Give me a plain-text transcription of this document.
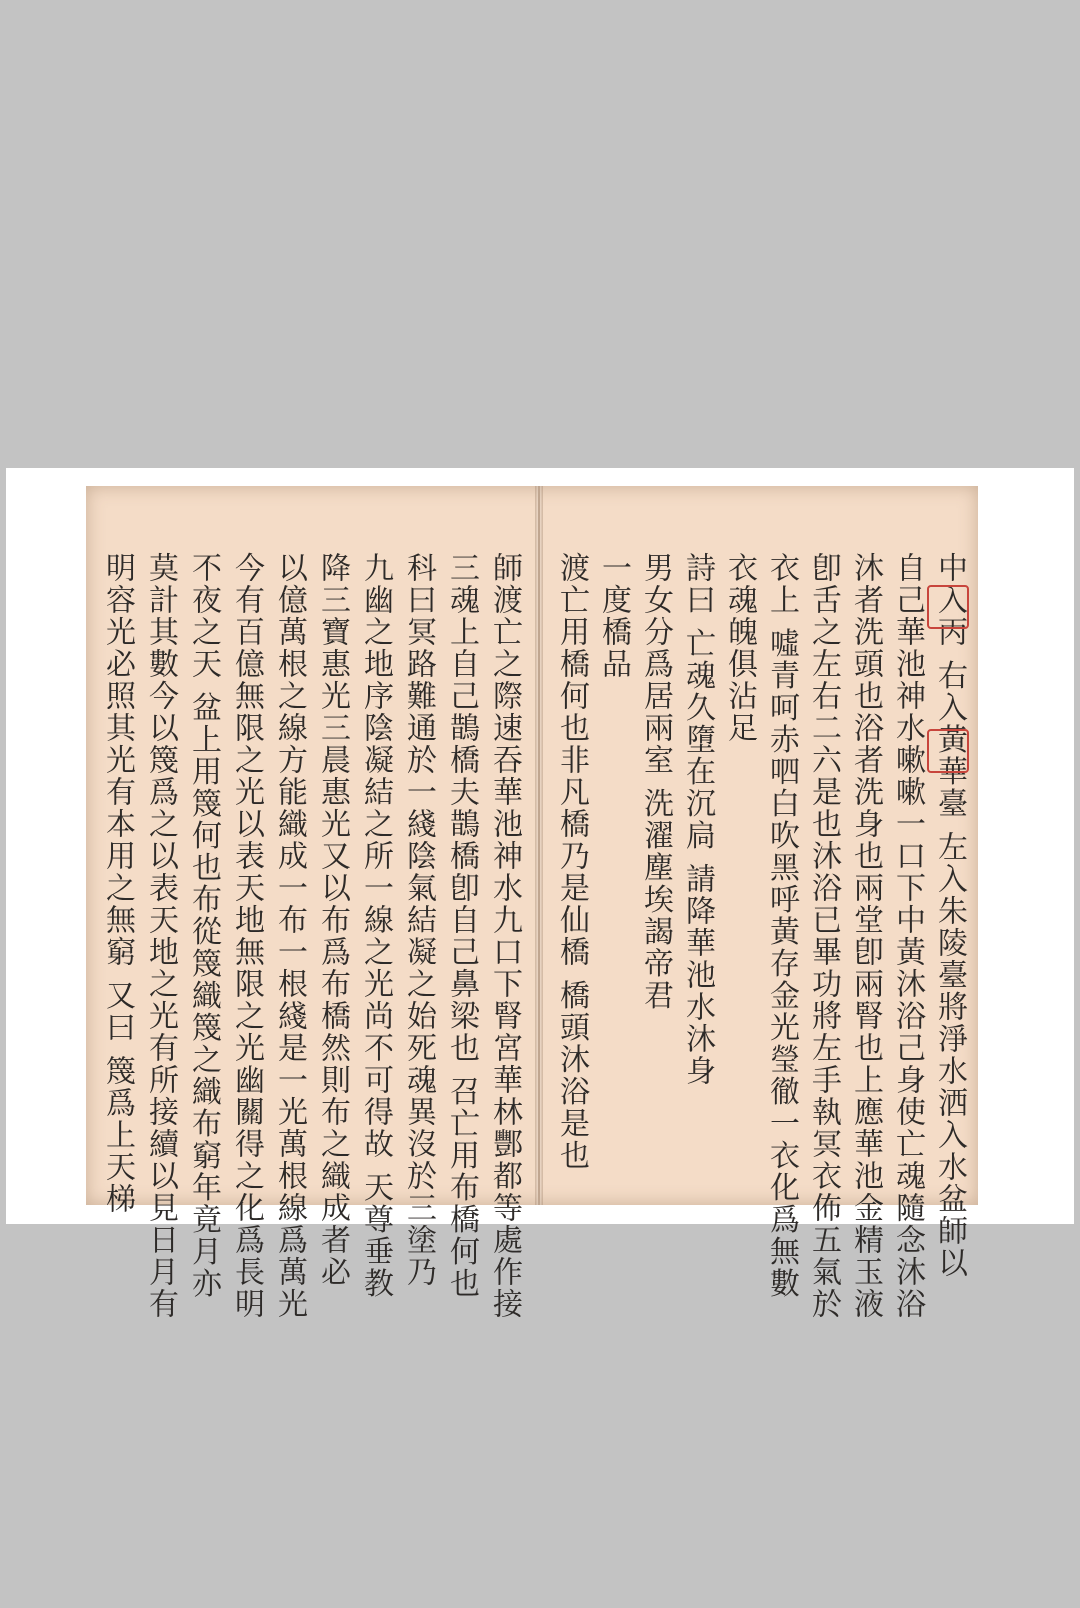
師渡亡之際速吞華池神水九口下腎宮華林酆都等處作接
三魂上自己鵲橋夫鵲橋卽自己鼻梁也 召亡用布橋何也
科曰冥路難通於一綫陰氣結凝之始死魂異沒於三塗乃
九幽之地序陰凝結之所一線之光尚不可得故 天尊垂教
降三寶惠光三晨惠光又以布爲布橋然則布之織成者必
以億萬根之線方能織成一布一根綫是一光萬根線爲萬光
今有百億無限之光以表天地無限之光幽關得之化爲長明
不夜之天 盆上用篾何也布從篾織篾之織布窮年竟月亦
莫計其數今以篾爲之以表天地之光有所接續以見日月有
明容光必照其光有本用之無窮 又曰 篾爲上天梯	中入丙 右入黃華臺 左入朱陵臺將淨水洒入水盆師以
自己華池神水嗽嗽一口下中黃沐浴己身使亡魂隨念沐浴
沐者洗頭也浴者洗身也兩堂卽兩腎也上應華池金精玉液
卽舌之左右二六是也沐浴已畢功將左手執冥衣佈五氣於
衣上 噓青呵赤呬白吹黑呼黃存金光瑩徹一衣化爲無數
衣魂魄俱沾足
詩曰 亡魂久墮在沉扃 請降華池水沐身
男女分爲居兩室 洗濯塵埃謁帝君
一度橋品
渡亡用橋何也非凡橋乃是仙橋 橋頭沐浴是也
